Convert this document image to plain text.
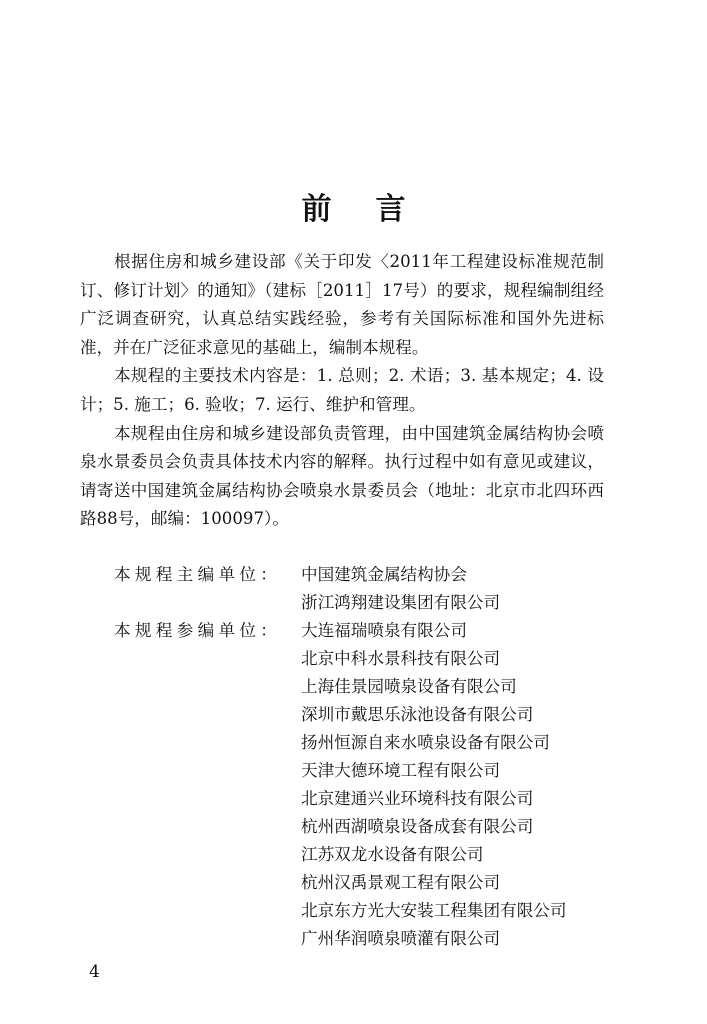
前言

根据住房和城乡建设部《关于印发〈2011年工程建设标准规范制订、修订计划〉的通知》（建标［2011］17号）的要求，规程编制组经广泛调查研究，认真总结实践经验，参考有关国际标准和国外先进标准，并在广泛征求意见的基础上，编制本规程。

本规程的主要技术内容是：1. 总则；2. 术语；3. 基本规定；4. 设计；5. 施工；6. 验收；7. 运行、维护和管理。

本规程由住房和城乡建设部负责管理，由中国建筑金属结构协会喷泉水景委员会负责具体技术内容的解释。执行过程中如有意见或建议，请寄送中国建筑金属结构协会喷泉水景委员会（地址：北京市北四环西路88号，邮编：100097）。

本规程主编单位：	中国建筑金属结构协会
浙江鸿翔建设集团有限公司
本规程参编单位：	大连福瑞喷泉有限公司
北京中科水景科技有限公司
上海佳景园喷泉设备有限公司
深圳市戴思乐泳池设备有限公司
扬州恒源自来水喷泉设备有限公司
天津大德环境工程有限公司
北京建通兴业环境科技有限公司
杭州西湖喷泉设备成套有限公司
江苏双龙水设备有限公司
杭州汉禹景观工程有限公司
北京东方光大安装工程集团有限公司
广州华润喷泉喷灌有限公司
4
